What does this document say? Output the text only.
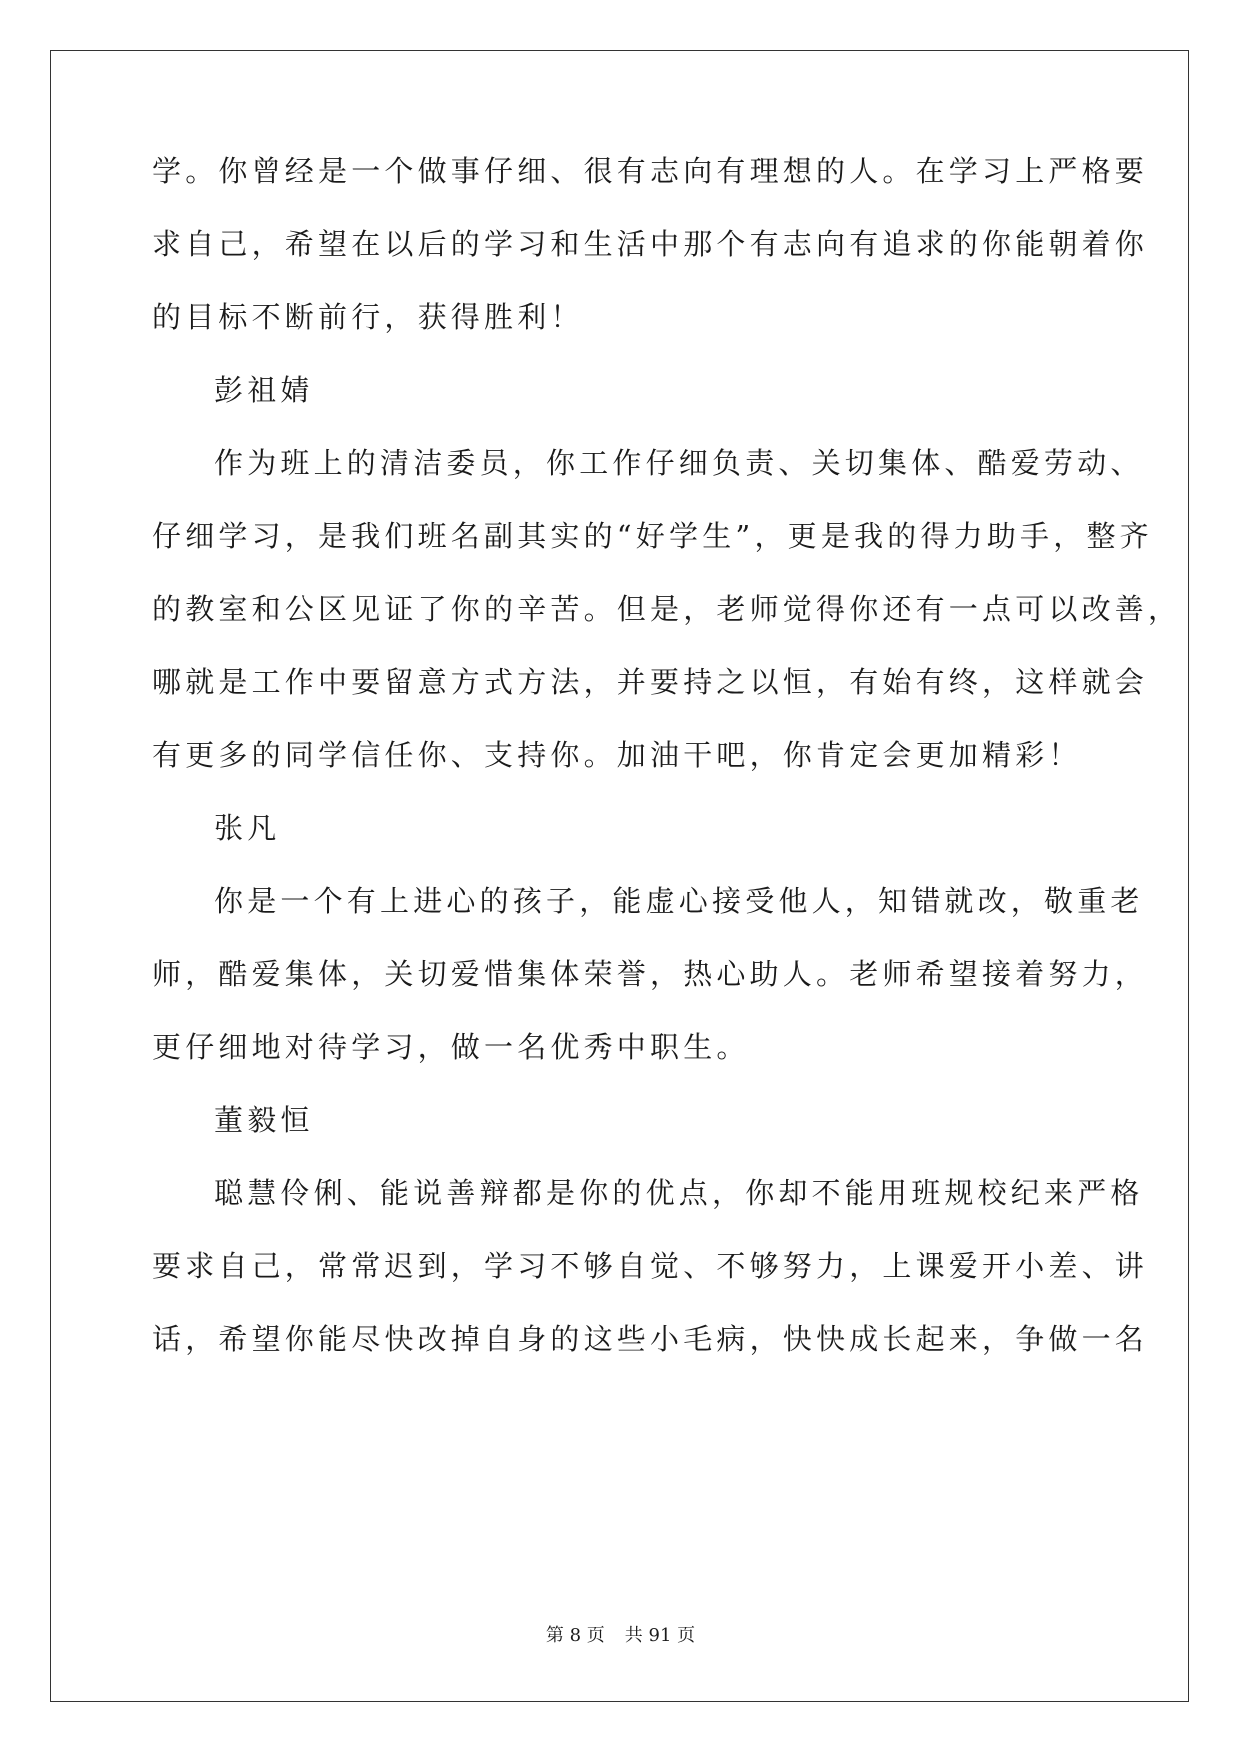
学。你曾经是一个做事仔细、很有志向有理想的人。在学习上严格要
求自己，希望在以后的学习和生活中那个有志向有追求的你能朝着你
的目标不断前行，获得胜利！
彭祖婧
作为班上的清洁委员，你工作仔细负责、关切集体、酷爱劳动、
仔细学习，是我们班名副其实的“好学生”，更是我的得力助手，整齐
的教室和公区见证了你的辛苦。但是，老师觉得你还有一点可以改善，
哪就是工作中要留意方式方法，并要持之以恒，有始有终，这样就会
有更多的同学信任你、支持你。加油干吧，你肯定会更加精彩！
张凡
你是一个有上进心的孩子，能虚心接受他人，知错就改，敬重老
师，酷爱集体，关切爱惜集体荣誉，热心助人。老师希望接着努力，
更仔细地对待学习，做一名优秀中职生。
董毅恒
聪慧伶俐、能说善辩都是你的优点，你却不能用班规校纪来严格
要求自己，常常迟到，学习不够自觉、不够努力，上课爱开小差、讲
话，希望你能尽快改掉自身的这些小毛病，快快成长起来，争做一名
第 8 页 共 91 页
